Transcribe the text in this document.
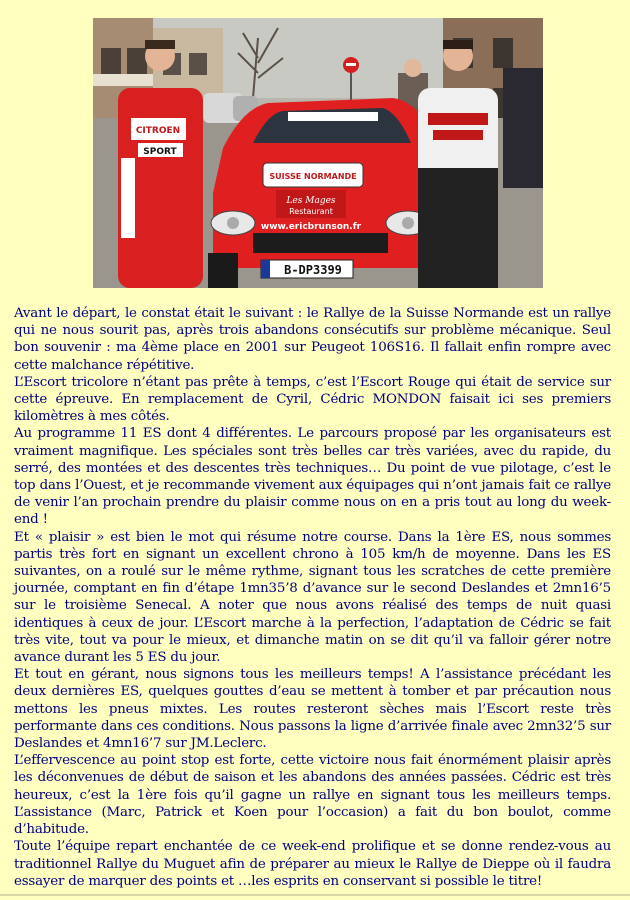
Les Mages
Restaurant
www.ericbrunson.fr
SUISSE NORMANDE
B-DP3399
CITROEN
SPORT

Avant le départ, le constat était le suivant : le Rallye de la Suisse Normande est un rallye qui ne nous sourit pas, après trois abandons consécutifs sur problème mécanique. Seul bon souvenir : ma 4ème place en 2001 sur Peugeot 106S16. Il fallait enfin rompre avec cette malchance répétitive.

L’Escort tricolore n’étant pas prête à temps, c’est l’Escort Rouge qui était de service sur cette épreuve. En remplacement de Cyril, Cédric MONDON faisait ici ses premiers kilomètres à mes côtés.

Au programme 11 ES dont 4 différentes. Le parcours proposé par les organisateurs est vraiment magnifique. Les spéciales sont très belles car très variées, avec du rapide, du serré, des montées et des descentes très techniques… Du point de vue pilotage, c’est le top dans l’Ouest, et je recommande vivement aux équipages qui n’ont jamais fait ce rallye de venir l’an prochain prendre du plaisir comme nous on en a pris tout au long du week-end !

Et « plaisir » est bien le mot qui résume notre course. Dans la 1ère ES, nous sommes partis très fort en signant un excellent chrono à 105 km/h de moyenne. Dans les ES suivantes, on a roulé sur le même rythme, signant tous les scratches de cette première journée, comptant en fin d’étape 1mn35’8 d’avance sur le second Deslandes et 2mn16’5 sur le troisième Senecal. A noter que nous avons réalisé des temps de nuit quasi identiques à ceux de jour. L’Escort marche à la perfection, l’adaptation de Cédric se fait très vite, tout va pour le mieux, et dimanche matin on se dit qu’il va falloir gérer notre avance durant les 5 ES du jour.

Et tout en gérant, nous signons tous les meilleurs temps! A l’assistance précédant les deux dernières ES, quelques gouttes d’eau se mettent à tomber et par précaution nous mettons les pneus mixtes. Les routes resteront sèches mais l’Escort reste très performante dans ces conditions. Nous passons la ligne d’arrivée finale avec 2mn32’5 sur Deslandes et 4mn16’7 sur JM.Leclerc.

L’effervescence au point stop est forte, cette victoire nous fait énormément plaisir après les déconvenues de début de saison et les abandons des années passées. Cédric est très heureux, c’est la 1ère fois qu’il gagne un rallye en signant tous les meilleurs temps. L’assistance (Marc, Patrick et Koen pour l’occasion) a fait du bon boulot, comme d’habitude.

Toute l’équipe repart enchantée de ce week-end prolifique et se donne rendez-vous au traditionnel Rallye du Muguet afin de préparer au mieux le Rallye de Dieppe où il faudra essayer de marquer des points et …les esprits en conservant si possible le titre!
